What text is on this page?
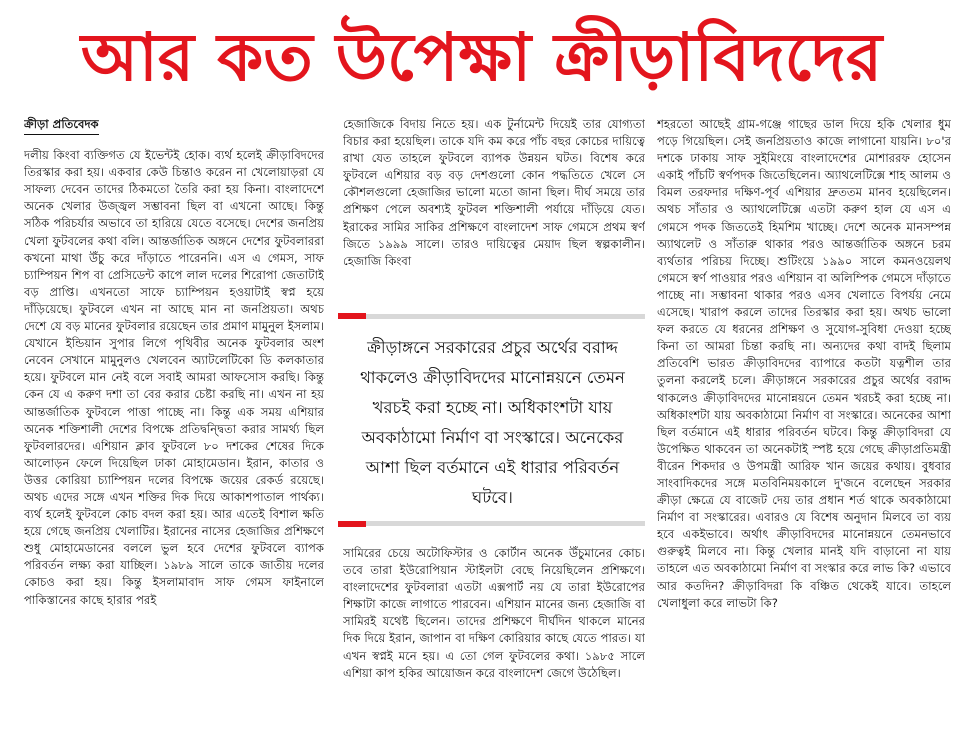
আর কত উপেক্ষা ক্রীড়াবিদদের
ক্রীড়া প্রতিবেদক

দলীয় কিংবা ব্যক্তিগত যে ইভেন্টই হোক। ব্যর্থ হলেই ক্রীড়াবিদদের তিরস্কার করা হয়। একবার কেউ চিন্তাও করেন না খেলোয়াড়রা যে সাফল্য দেবেন তাদের ঠিকমতো তৈরি করা হয় কিনা। বাংলাদেশে অনেক খেলার উজ্জ্বল সম্ভাবনা ছিল বা এখনো আছে। কিন্তু সঠিক পরিচর্যার অভাবে তা হারিয়ে যেতে বসেছে। দেশের জনপ্রিয় খেলা ফুটবলের কথা বলি। আন্তর্জাতিক অঙ্গনে দেশের ফুটবলাররা কখনো মাথা উঁচু করে দাঁড়াতে পারেননি। এস এ গেমস, সাফ চ্যাম্পিয়ন শিপ বা প্রেসিডেন্ট কাপে লাল দলের শিরোপা জেতাটাই বড় প্রাপ্তি। এখনতো সাফে চ্যাম্পিয়ন হওয়াটাই স্বপ্ন হয়ে দাঁড়িয়েছে। ফুটবলে এখন না আছে মান না জনপ্রিয়তা। অথচ দেশে যে বড় মানের ফুটবলার রয়েছেন তার প্রমাণ মামুনুল ইসলাম। যেখানে ইন্ডিয়ান সুপার লিগে পৃথিবীর অনেক ফুটবলার অংশ নেবেন সেখানে মামুনুলও খেলবেন অ্যাটলেটিকো ডি কলকাতার হয়ে। ফুটবলে মান নেই বলে সবাই আমরা আফসোস করছি। কিন্তু কেন যে এ করুণ দশা তা বের করার চেষ্টা করছি না। এখন না হয় আন্তর্জাতিক ফুটবলে পাত্তা পাচ্ছে না। কিন্তু এক সময় এশিয়ার অনেক শক্তিশালী দেশের বিপক্ষে প্রতিদ্বন্দ্বিতা করার সামর্থ্য ছিল ফুটবলারদের। এশিয়ান ক্লাব ফুটবলে ৮০ দশকের শেষের দিকে আলোড়ন ফেলে দিয়েছিল ঢাকা মোহামেডান। ইরান, কাতার ও উত্তর কোরিয়া চ্যাম্পিয়ন দলের বিপক্ষে জয়ের রেকর্ড রয়েছে। অথচ এদের সঙ্গে এখন শক্তির দিক দিয়ে আকাশপাতাল পার্থক্য। ব্যর্থ হলেই ফুটবলে কোচ বদল করা হয়। আর এতেই বিশাল ক্ষতি হয়ে গেছে জনপ্রিয় খেলাটির। ইরানের নাসের হেজাজির প্রশিক্ষণে শুধু মোহামেডানের বললে ভুল হবে দেশের ফুটবলে ব্যাপক পরিবর্তন লক্ষ্য করা যাচ্ছিল। ১৯৮৯ সালে তাকে জাতীয় দলের কোচও করা হয়। কিন্তু ইসলামাবাদ সাফ গেমস ফাইনালে পাকিস্তানের কাছে হারার পরই

হেজাজিকে বিদায় নিতে হয়। এক টুর্নামেন্ট দিয়েই তার যোগ্যতা বিচার করা হয়েছিল। তাকে যদি কম করে পাঁচ বছর কোচের দায়িত্বে রাখা যেত তাহলে ফুটবলে ব্যাপক উন্নয়ন ঘটত। বিশেষ করে ফুটবলে এশিয়ার বড় বড় দেশগুলো কোন পদ্ধতিতে খেলে সে কৌশলগুলো হেজাজির ভালো মতো জানা ছিল। দীর্ঘ সময়ে তার প্রশিক্ষণ পেলে অবশ্যই ফুটবল শক্তিশালী পর্যায়ে দাঁড়িয়ে যেত। ইরাকের সামির সাকির প্রশিক্ষণে বাংলাদেশ সাফ গেমসে প্রথম স্বর্ণ জিতে ১৯৯৯ সালে। তারও দায়িত্বের মেয়াদ ছিল স্বল্পকালীন। হেজাজি কিংবা

ক্রীড়াঙ্গনে সরকারের প্রচুর অর্থের বরাদ্দ থাকলেও ক্রীড়াবিদদের মানোন্নয়নে তেমন খরচই করা হচ্ছে না। অধিকাংশটা যায় অবকাঠামো নির্মাণ বা সংস্কারে। অনেকের আশা ছিল বর্তমানে এই ধারার পরিবর্তন ঘটবে।

সামিরের চেয়ে অটোফিস্টার ও কোর্টান অনেক উঁচুমানের কোচ। তবে তারা ইউরোপিয়ান স্টাইলটা বেছে নিয়েছিলেন প্রশিক্ষণে। বাংলাদেশের ফুটবলারা এতটা এক্সপার্ট নয় যে তারা ইউরোপের শিক্ষাটা কাজে লাগাতে পারবেন। এশিয়ান মানের জন্য হেজাজি বা সামিরই যথেষ্ট ছিলেন। তাদের প্রশিক্ষণে দীর্ঘদিন থাকলে মানের দিক দিয়ে ইরান, জাপান বা দক্ষিণ কোরিয়ার কাছে যেতে পারত। যা এখন স্বপ্নই মনে হয়। এ তো গেল ফুটবলের কথা। ১৯৮৫ সালে এশিয়া কাপ হকির আয়োজন করে বাংলাদেশ জেগে উঠেছিল।

শহরতো আছেই গ্রাম-গঞ্জে গাছের ডাল দিয়ে হকি খেলার ধুম পড়ে গিয়েছিল। সেই জনপ্রিয়তাও কাজে লাগানো যায়নি। ৮০'র দশকে ঢাকায় সাফ সুইমিংয়ে বাংলাদেশের মোশাররফ হোসেন একাই পাঁচটি স্বর্ণপদক জিতেছিলেন। অ্যাথলেটিক্সে শাহ আলম ও বিমল তরফদার দক্ষিণ-পূর্ব এশিয়ার দ্রুততম মানব হয়েছিলেন। অথচ সাঁতার ও অ্যাথলেটিক্সে এতটা করুণ হাল যে এস এ গেমসে পদক জিততেই হিমশিম খাচ্ছে। দেশে অনেক মানসম্পন্ন অ্যাথলেট ও সাঁতারু থাকার পরও আন্তর্জাতিক অঙ্গনে চরম ব্যর্থতার পরিচয় দিচ্ছে। শুটিংয়ে ১৯৯০ সালে কমনওয়েলথ গেমসে স্বর্ণ পাওয়ার পরও এশিয়ান বা অলিম্পিক গেমসে দাঁড়াতে পাচ্ছে না। সম্ভাবনা থাকার পরও এসব খেলাতে বিপর্যয় নেমে এসেছে। খারাপ করলে তাদের তিরস্কার করা হয়। অথচ ভালো ফল করতে যে ধরনের প্রশিক্ষণ ও সুযোগ-সুবিধা দেওয়া হচ্ছে কিনা তা আমরা চিন্তা করছি না। অন্যদের কথা বাদই ছিলাম প্রতিবেশি ভারত ক্রীড়াবিদদের ব্যাপারে কতটা যত্নশীল তার তুলনা করলেই চলে। ক্রীড়াঙ্গনে সরকারের প্রচুর অর্থের বরাদ্দ থাকলেও ক্রীড়াবিদদের মানোন্নয়নে তেমন খরচই করা হচ্ছে না। অধিকাংশটা যায় অবকাঠামো নির্মাণ বা সংস্কারে। অনেকের আশা ছিল বর্তমানে এই ধারার পরিবর্তন ঘটবে। কিন্তু ক্রীড়াবিদরা যে উপেক্ষিত থাকবেন তা অনেকটাই স্পষ্ট হয়ে গেছে ক্রীড়াপ্রতিমন্ত্রী বীরেন শিকদার ও উপমন্ত্রী আরিফ খান জয়ের কথায়। বুধবার সাংবাদিকদের সঙ্গে মতবিনিময়কালে দু'জনে বলেছেন সরকার ক্রীড়া ক্ষেত্রে যে বাজেট দেয় তার প্রধান শর্ত থাকে অবকাঠামো নির্মাণ বা সংস্কারের। এবারও যে বিশেষ অনুদান মিলবে তা ব্যয় হবে একইভাবে। অর্থাৎ ক্রীড়াবিদদের মানোন্নয়নে তেমনভাবে গুরুত্বই মিলবে না। কিন্তু খেলার মানই যদি বাড়ানো না যায় তাহলে এত অবকাঠামো নির্মাণ বা সংস্কার করে লাভ কি? এভাবে আর কতদিন? ক্রীড়াবিদরা কি বঞ্চিত থেকেই যাবে। তাহলে খেলাধুলা করে লাভটা কি?
